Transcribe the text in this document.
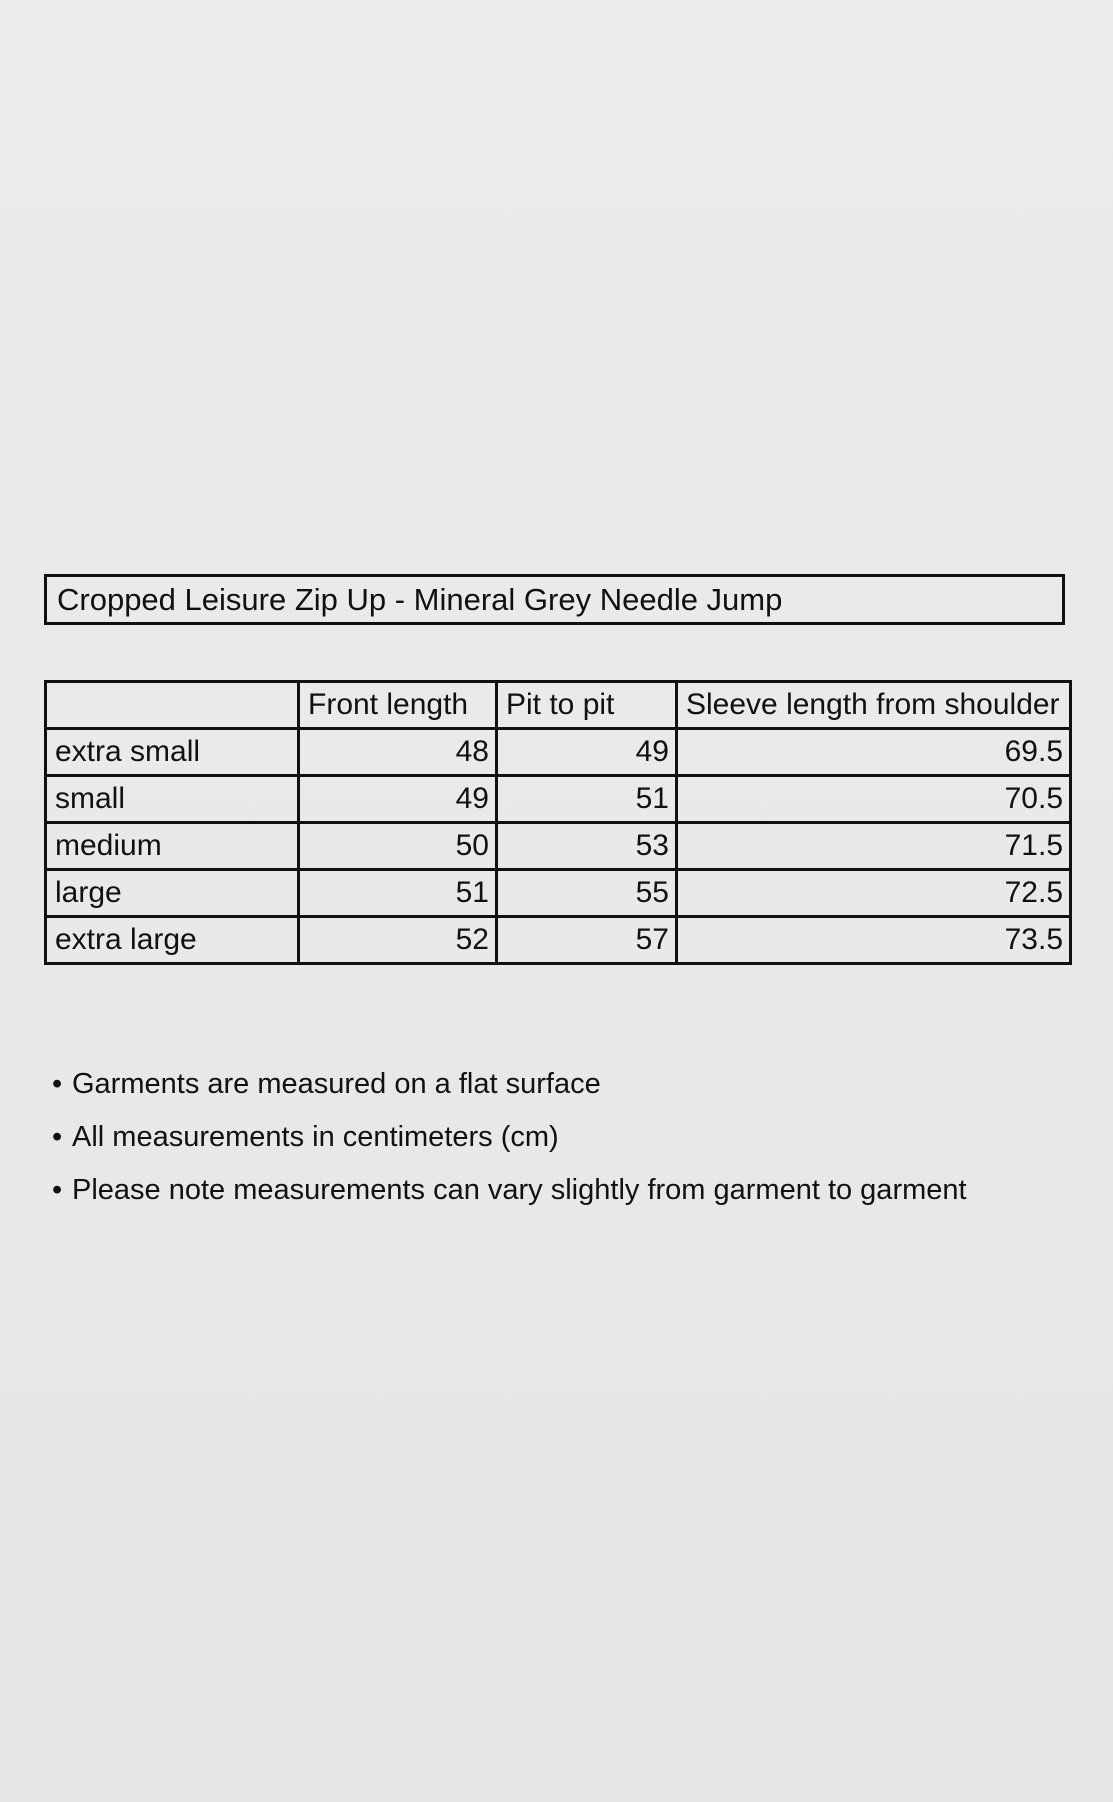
Cropped Leisure Zip Up - Mineral Grey Needle Jump
	Front length	Pit to pit	Sleeve length from shoulder
extra small	48	49	69.5
small	49	51	70.5
medium	50	53	71.5
large	51	55	72.5
extra large	52	57	73.5
• Garments are measured on a flat surface
• All measurements in centimeters (cm)
• Please note measurements can vary slightly from garment to garment
